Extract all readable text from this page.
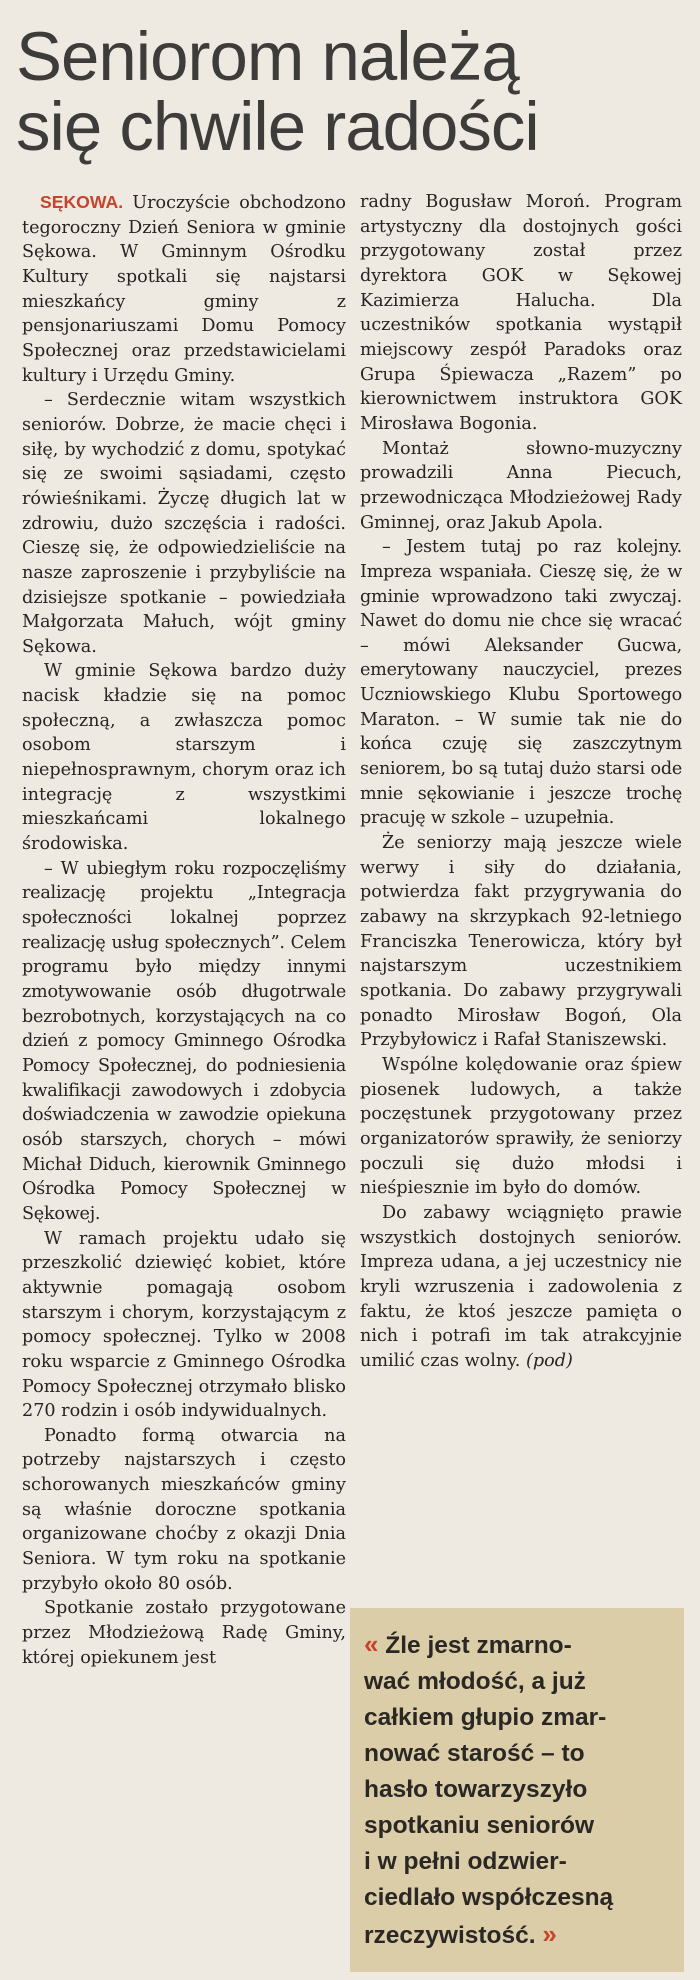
Seniorom należą
się chwile radości

SĘKOWA. Uroczyście obchodzono tegoroczny Dzień Seniora w gminie Sękowa. W Gminnym Ośrodku Kultury spotkali się najstarsi mieszkańcy gminy z pensjonariuszami Domu Pomocy Społecznej oraz przedstawicielami kultury i Urzędu Gminy.

– Serdecznie witam wszystkich seniorów. Dobrze, że macie chęci i siłę, by wychodzić z domu, spotykać się ze swoimi sąsiadami, często rówieśnikami. Życzę długich lat w zdrowiu, dużo szczęścia i radości. Cieszę się, że odpowiedzieliście na nasze zaproszenie i przybyliście na dzisiejsze spotkanie – powiedziała Małgorzata Małuch, wójt gminy Sękowa.

W gminie Sękowa bardzo duży nacisk kładzie się na pomoc społeczną, a zwłaszcza pomoc osobom starszym i niepełnosprawnym, chorym oraz ich integrację z wszystkimi mieszkańcami lokalnego środowiska.

– W ubiegłym roku rozpoczęliśmy realizację projektu „Integracja społeczności lokalnej poprzez realizację usług społecznych”. Celem programu było między innymi zmotywowanie osób długotrwale bezrobotnych, korzystających na co dzień z pomocy Gminnego Ośrodka Pomocy Społecznej, do podniesienia kwalifikacji zawodowych i zdobycia doświadczenia w zawodzie opiekuna osób starszych, chorych – mówi Michał Diduch, kierownik Gminnego Ośrodka Pomocy Społecznej w Sękowej.

W ramach projektu udało się przeszkolić dziewięć kobiet, które aktywnie pomagają osobom starszym i chorym, korzystającym z pomocy społecznej. Tylko w 2008 roku wsparcie z Gminnego Ośrodka Pomocy Społecznej otrzymało blisko 270 rodzin i osób indywidualnych.

Ponadto formą otwarcia na potrzeby najstarszych i często schorowanych mieszkańców gminy są właśnie doroczne spotkania organizowane choćby z okazji Dnia Seniora. W tym roku na spotkanie przybyło około 80 osób.

Spotkanie zostało przygotowane przez Młodzieżową Radę Gminy, której opiekunem jest

radny Bogusław Moroń. Program artystyczny dla dostojnych gości przygotowany został przez dyrektora GOK w Sękowej Kazimierza Halucha. Dla uczestników spotkania wystąpił miejscowy zespół Paradoks oraz Grupa Śpiewacza „Razem” po kierownictwem instruktora GOK Mirosława Bogonia.

Montaż słowno-muzyczny prowadzili Anna Piecuch, przewodnicząca Młodzieżowej Rady Gminnej, oraz Jakub Apola.

– Jestem tutaj po raz kolejny. Impreza wspaniała. Cieszę się, że w gminie wprowadzono taki zwyczaj. Nawet do domu nie chce się wracać – mówi Aleksander Gucwa, emerytowany nauczyciel, prezes Uczniowskiego Klubu Sportowego Maraton. – W sumie tak nie do końca czuję się zaszczytnym seniorem, bo są tutaj dużo starsi ode mnie sękowianie i jeszcze trochę pracuję w szkole – uzupełnia.

Że seniorzy mają jeszcze wiele werwy i siły do działania, potwierdza fakt przygrywania do zabawy na skrzypkach 92-letniego Franciszka Tenerowicza, który był najstarszym uczestnikiem spotkania. Do zabawy przygrywali ponadto Mirosław Bogoń, Ola Przybyłowicz i Rafał Staniszewski.

Wspólne kolędowanie oraz śpiew piosenek ludowych, a także poczęstunek przygotowany przez organizatorów sprawiły, że seniorzy poczuli się dużo młodsi i nieśpiesznie im było do domów.

Do zabawy wciągnięto prawie wszystkich dostojnych seniorów. Impreza udana, a jej uczestnicy nie kryli wzruszenia i zadowolenia z faktu, że ktoś jeszcze pamięta o nich i potrafi im tak atrakcyjnie umilić czas wolny. (pod)

« Źle jest zmarno-
wać młodość, a już
całkiem głupio zmar-
nować starość – to
hasło towarzyszyło
spotkaniu seniorów
i w pełni odzwier-
ciedlało współczesną
rzeczywistość. »
